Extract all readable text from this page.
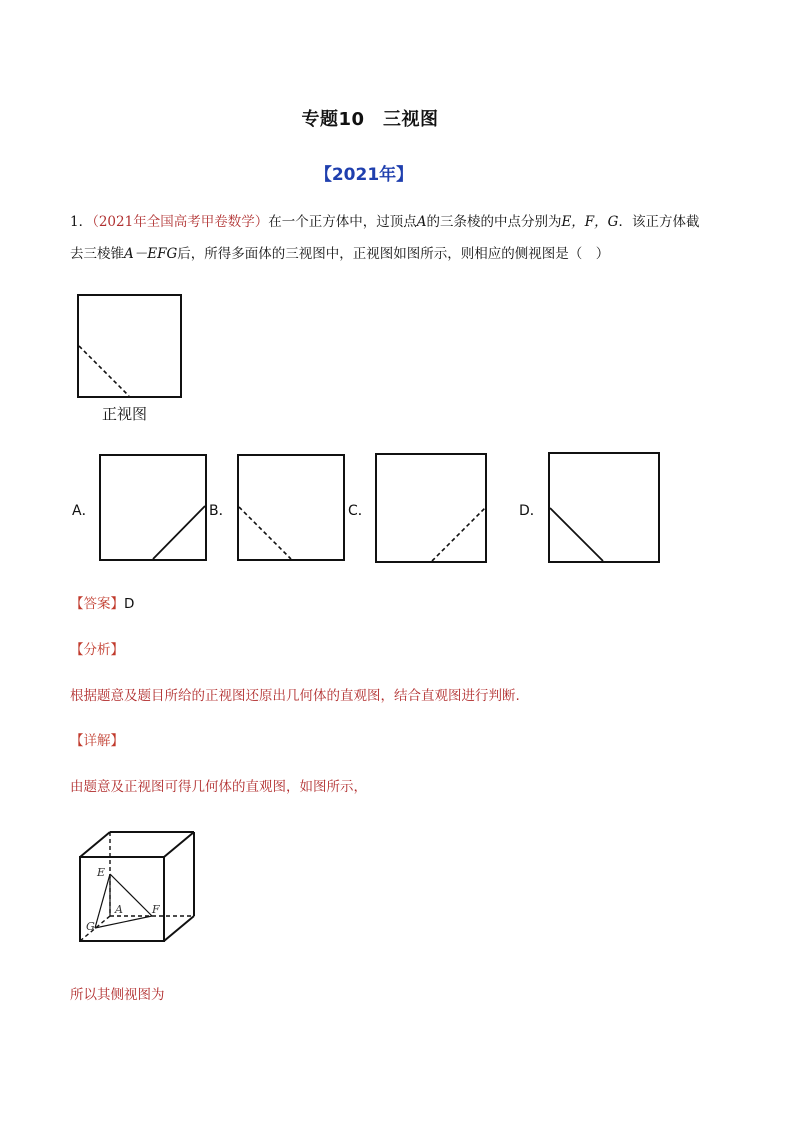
专题10　三视图
【2021年】
1．（2021年全国高考甲卷数学）在一个正方体中，过顶点A的三条棱的中点分别为E，F，G．该正方体截
去三棱锥A－EFG后，所得多面体的三视图中，正视图如图所示，则相应的侧视图是（　）
E
A	F
G
正视图
A．	B．	C．	D．
【答案】D
【分析】
根据题意及题目所给的正视图还原出几何体的直观图，结合直观图进行判断.
【详解】
由题意及正视图可得几何体的直观图，如图所示，
所以其侧视图为
